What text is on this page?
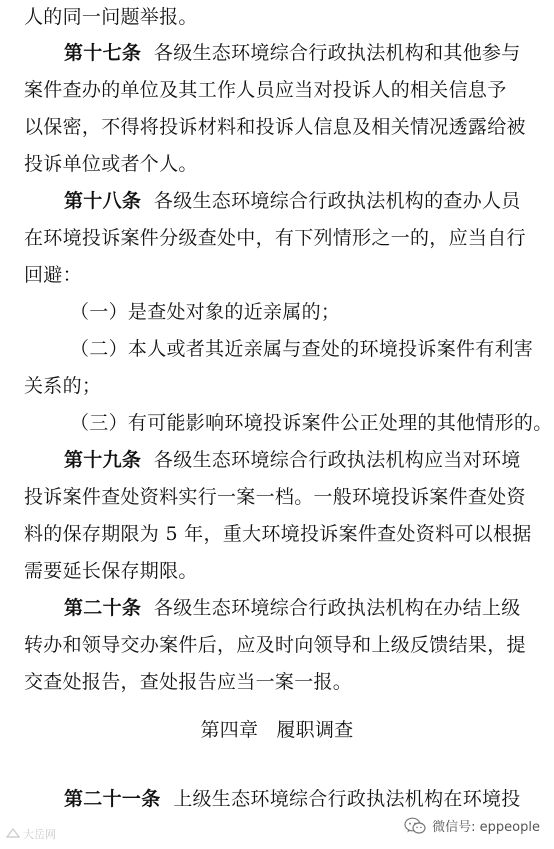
人的同一问题举报。
第十七条 各级生态环境综合行政执法机构和其他参与
案件查办的单位及其工作人员应当对投诉人的相关信息予
以保密，不得将投诉材料和投诉人信息及相关情况透露给被
投诉单位或者个人。
第十八条 各级生态环境综合行政执法机构的查办人员
在环境投诉案件分级查处中，有下列情形之一的，应当自行
回避：
（一）是查处对象的近亲属的；
（二）本人或者其近亲属与查处的环境投诉案件有利害
关系的；
（三）有可能影响环境投诉案件公正处理的其他情形的。
第十九条 各级生态环境综合行政执法机构应当对环境
投诉案件查处资料实行一案一档。一般环境投诉案件查处资
料的保存期限为 5 年，重大环境投诉案件查处资料可以根据
需要延长保存期限。
第二十条 各级生态环境综合行政执法机构在办结上级
转办和领导交办案件后，应及时向领导和上级反馈结果，提
交查处报告，查处报告应当一案一报。
第四章 履职调查
第二十一条 上级生态环境综合行政执法机构在环境投
大岳网	微信号: eppeople
